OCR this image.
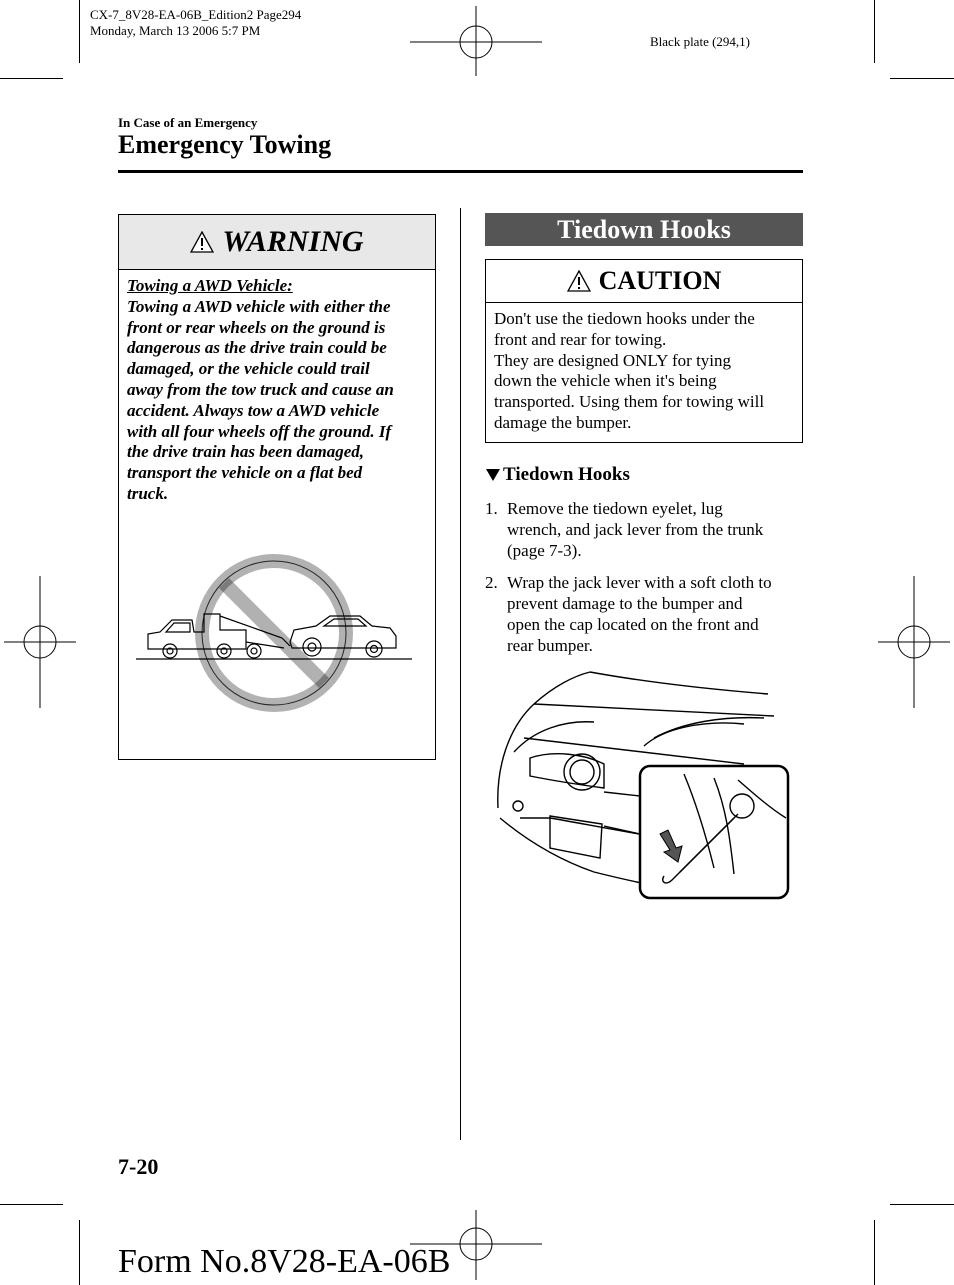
CX-7_8V28-EA-06B_Edition2 Page294
Monday, March 13 2006 5:7 PM
Black plate (294,1)
In Case of an Emergency
Emergency Towing
WARNING
Towing a AWD Vehicle:
Towing a AWD vehicle with either the
front or rear wheels on the ground is
dangerous as the drive train could be
damaged, or the vehicle could trail
away from the tow truck and cause an
accident. Always tow a AWD vehicle
with all four wheels off the ground. If
the drive train has been damaged,
transport the vehicle on a flat bed
truck.
Tiedown Hooks
CAUTION
Don't use the tiedown hooks under the
front and rear for towing.
They are designed ONLY for tying
down the vehicle when it's being
transported. Using them for towing will
damage the bumper.
Tiedown Hooks
1. Remove the tiedown eyelet, lug
wrench, and jack lever from the trunk
(page 7-3).
2. Wrap the jack lever with a soft cloth to
prevent damage to the bumper and
open the cap located on the front and
rear bumper.
7-20
Form No.8V28-EA-06B
